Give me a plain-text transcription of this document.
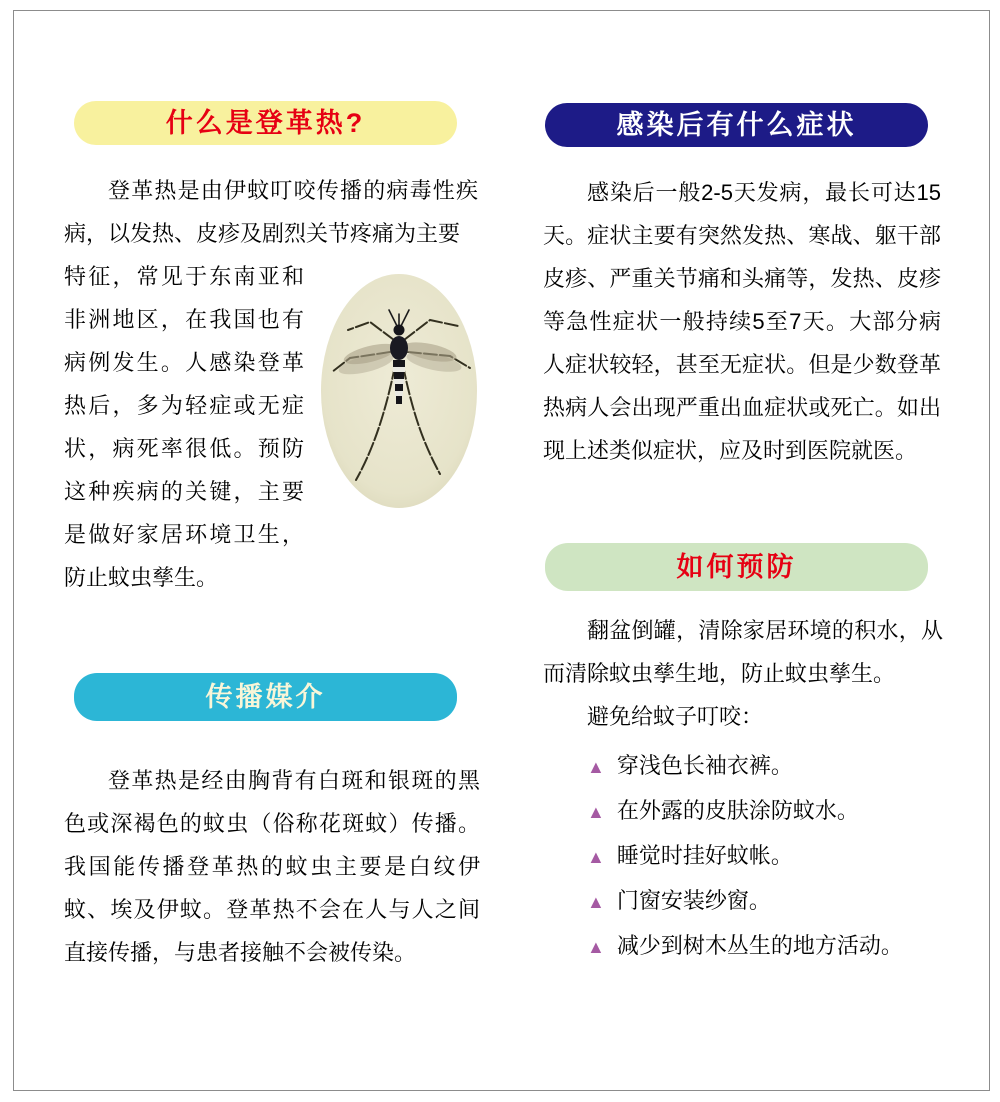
什么是登革热?

登革热是由伊蚊叮咬传播的病毒性疾病，以发热、皮疹及剧烈关节疼痛为主要

特征，常见于东南亚和非洲地区，在我国也有病例发生。人感染登革热后，多为轻症或无症状，病死率很低。预防这种疾病的关键，主要是做好家居环境卫生，防止蚊虫孳生。

感染后有什么症状

感染后一般2-5天发病，最长可达15天。症状主要有突然发热、寒战、躯干部皮疹、严重关节痛和头痛等，发热、皮疹等急性症状一般持续5至7天。大部分病人症状较轻，甚至无症状。但是少数登革热病人会出现严重出血症状或死亡。如出现上述类似症状，应及时到医院就医。

传播媒介

登革热是经由胸背有白斑和银斑的黑色或深褐色的蚊虫（俗称花斑蚊）传播。我国能传播登革热的蚊虫主要是白纹伊蚊、埃及伊蚊。登革热不会在人与人之间直接传播，与患者接触不会被传染。

如何预防

翻盆倒罐，清除家居环境的积水，从而清除蚊虫孳生地，防止蚊虫孳生。

避免给蚊子叮咬：

▲ 穿浅色长袖衣裤。
▲ 在外露的皮肤涂防蚊水。
▲ 睡觉时挂好蚊帐。
▲ 门窗安装纱窗。
▲ 减少到树木丛生的地方活动。
